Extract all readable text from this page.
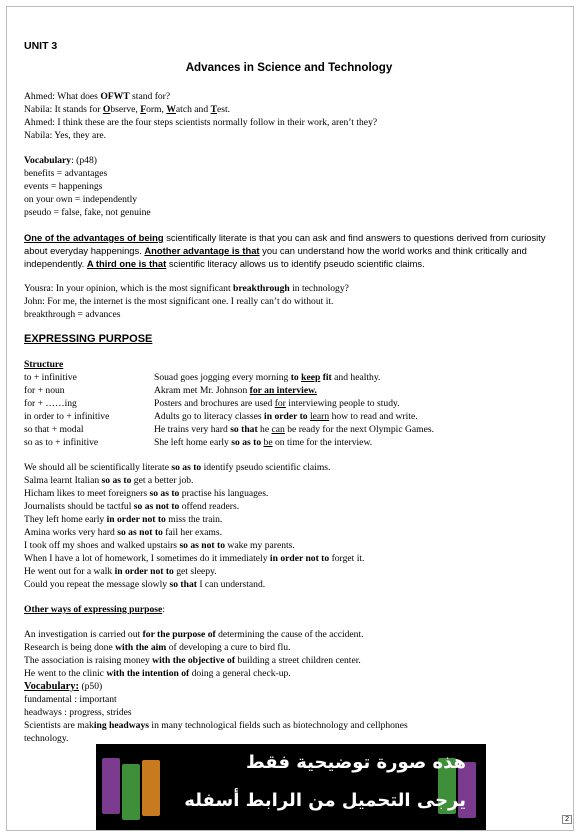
UNIT 3

Advances in Science and Technology

Ahmed: What does OFWT stand for?

Nabila: It stands for Observe, Form, Watch and Test.

Ahmed: I think these are the four steps scientists normally follow in their work, aren’t they?

Nabila: Yes, they are.

Vocabulary: (p48)

benefits = advantages

events = happenings

on your own = independently

pseudo = false, fake, not genuine

One of the advantages of being scientifically literate is that you can ask and find answers to questions derived from curiosity about everyday happenings. Another advantage is that you can understand how the world works and think critically and independently. A third one is that scientific literacy allows us to identify pseudo scientific claims.

Yousra: In your opinion, which is the most significant breakthrough in technology?

John: For me, the internet is the most significant one. I really can’t do without it.

breakthrough = advances

EXPRESSING PURPOSE

Structure

to + infinitive	Souad goes jogging every morning to keep fit and healthy.
for + noun	Akram met Mr. Johnson for an interview.
for + ……ing	Posters and brochures are used for interviewing people to study.
in order to + infinitive	Adults go to literacy classes in order to learn how to read and write.
so that + modal	He trains very hard so that he can be ready for the next Olympic Games.
so as to + infinitive	She left home early so as to be on time for the interview.

We should all be scientifically literate so as to identify pseudo scientific claims.

Salma learnt Italian so as to get a better job.

Hicham likes to meet foreigners so as to practise his languages.

Journalists should be tactful so as not to offend readers.

They left home early in order not to miss the train.

Amina works very hard so as not to fail her exams.

I took off my shoes and walked upstairs so as not to wake my parents.

When I have a lot of homework, I sometimes do it immediately in order not to forget it.

He went out for a walk in order not to get sleepy.

Could you repeat the message slowly so that I can understand.

Other ways of expressing purpose:

An investigation is carried out for the purpose of determining the cause of the accident.

Research is being done with the aim of developing a cure to bird flu.

The association is raising money with the objective of building a street children center.

He went to the clinic with the intention of doing a general check-up.

Vocabulary: (p50)

fundamental : important

headways : progress, strides

Scientists are making headways in many technological fields such as biotechnology and cellphones

technology.

هذه صورة توضيحية فقط
يرجى التحميل من الرابط أسفله
2
